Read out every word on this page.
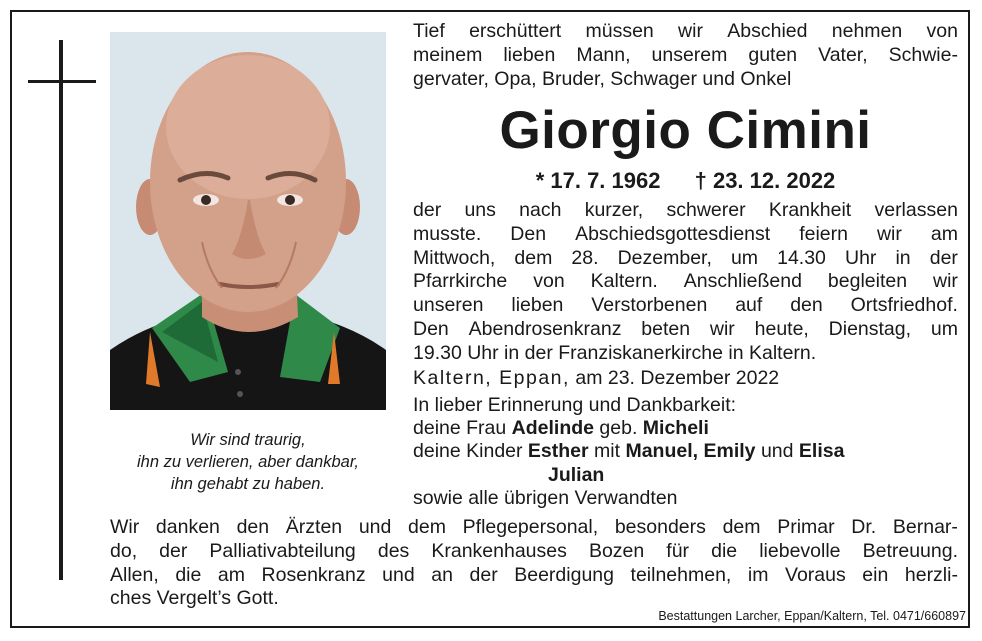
Wir sind traurig,
ihn zu verlieren, aber dankbar,
ihn gehabt zu haben.
Tief erschüttert müssen wir Abschied nehmen von
meinem lieben Mann, unserem guten Vater, Schwie-
gervater, Opa, Bruder, Schwager und Onkel
Giorgio Cimini
* 17. 7. 1962 † 23. 12. 2022
der uns nach kurzer, schwerer Krankheit verlassen
musste. Den Abschiedsgottesdienst feiern wir am
Mittwoch, dem 28. Dezember, um 14.30 Uhr in der
Pfarrkirche von Kaltern. Anschließend begleiten wir
unseren lieben Verstorbenen auf den Ortsfriedhof.
Den Abendrosenkranz beten wir heute, Dienstag, um
19.30 Uhr in der Franziskanerkirche in Kaltern.
Kaltern, Eppan, am 23. Dezember 2022
In lieber Erinnerung und Dankbarkeit:
deine Frau Adelinde geb. Micheli
deine Kinder Esther mit Manuel, Emily und Elisa
Julian
sowie alle übrigen Verwandten
Wir danken den Ärzten und dem Pflegepersonal, besonders dem Primar Dr. Bernar-
do, der Palliativabteilung des Krankenhauses Bozen für die liebevolle Betreuung.
Allen, die am Rosenkranz und an der Beerdigung teilnehmen, im Voraus ein herzli-
ches Vergelt’s Gott.
Bestattungen Larcher, Eppan/Kaltern, Tel. 0471/660897
